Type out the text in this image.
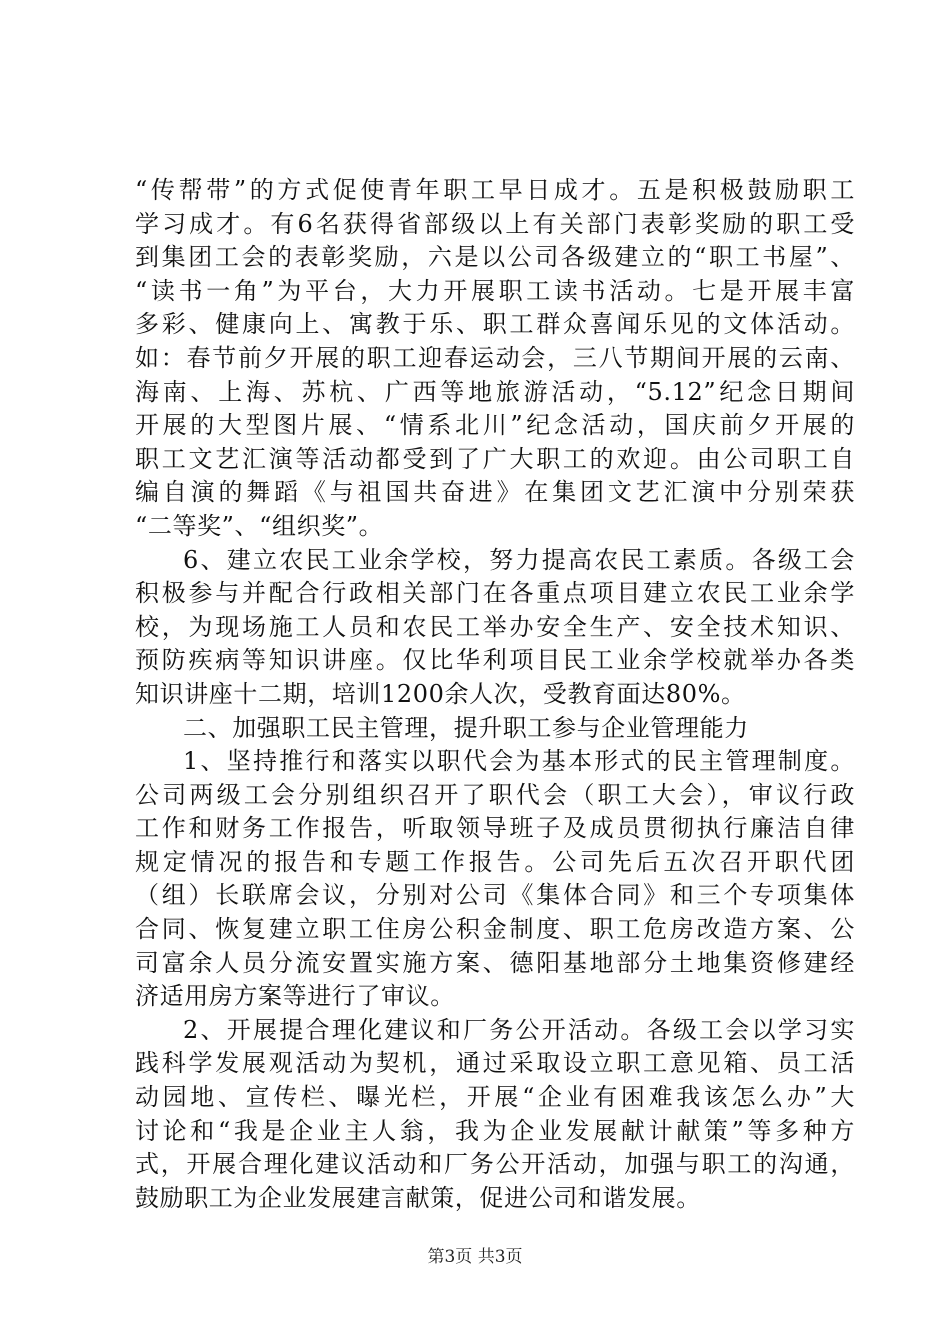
“传帮带”的方式促使青年职工早日成才。五是积极鼓励职工
学习成才。有6名获得省部级以上有关部门表彰奖励的职工受
到集团工会的表彰奖励，六是以公司各级建立的“职工书屋”、
“读书一角”为平台，大力开展职工读书活动。七是开展丰富
多彩、健康向上、寓教于乐、职工群众喜闻乐见的文体活动。
如：春节前夕开展的职工迎春运动会，三八节期间开展的云南、
海南、上海、苏杭、广西等地旅游活动，“5.12”纪念日期间
开展的大型图片展、“情系北川”纪念活动，国庆前夕开展的
职工文艺汇演等活动都受到了广大职工的欢迎。由公司职工自
编自演的舞蹈《与祖国共奋进》在集团文艺汇演中分别荣获
“二等奖”、“组织奖”。
6、建立农民工业余学校，努力提高农民工素质。各级工会
积极参与并配合行政相关部门在各重点项目建立农民工业余学
校，为现场施工人员和农民工举办安全生产、安全技术知识、
预防疾病等知识讲座。仅比华利项目民工业余学校就举办各类
知识讲座十二期，培训1200余人次，受教育面达80%。
二、加强职工民主管理，提升职工参与企业管理能力
1、坚持推行和落实以职代会为基本形式的民主管理制度。
公司两级工会分别组织召开了职代会（职工大会），审议行政
工作和财务工作报告，听取领导班子及成员贯彻执行廉洁自律
规定情况的报告和专题工作报告。公司先后五次召开职代团
（组）长联席会议，分别对公司《集体合同》和三个专项集体
合同、恢复建立职工住房公积金制度、职工危房改造方案、公
司富余人员分流安置实施方案、德阳基地部分土地集资修建经
济适用房方案等进行了审议。
2、开展提合理化建议和厂务公开活动。各级工会以学习实
践科学发展观活动为契机，通过采取设立职工意见箱、员工活
动园地、宣传栏、曝光栏，开展“企业有困难我该怎么办”大
讨论和“我是企业主人翁，我为企业发展献计献策”等多种方
式，开展合理化建议活动和厂务公开活动，加强与职工的沟通，
鼓励职工为企业发展建言献策，促进公司和谐发展。
第3页 共3页
